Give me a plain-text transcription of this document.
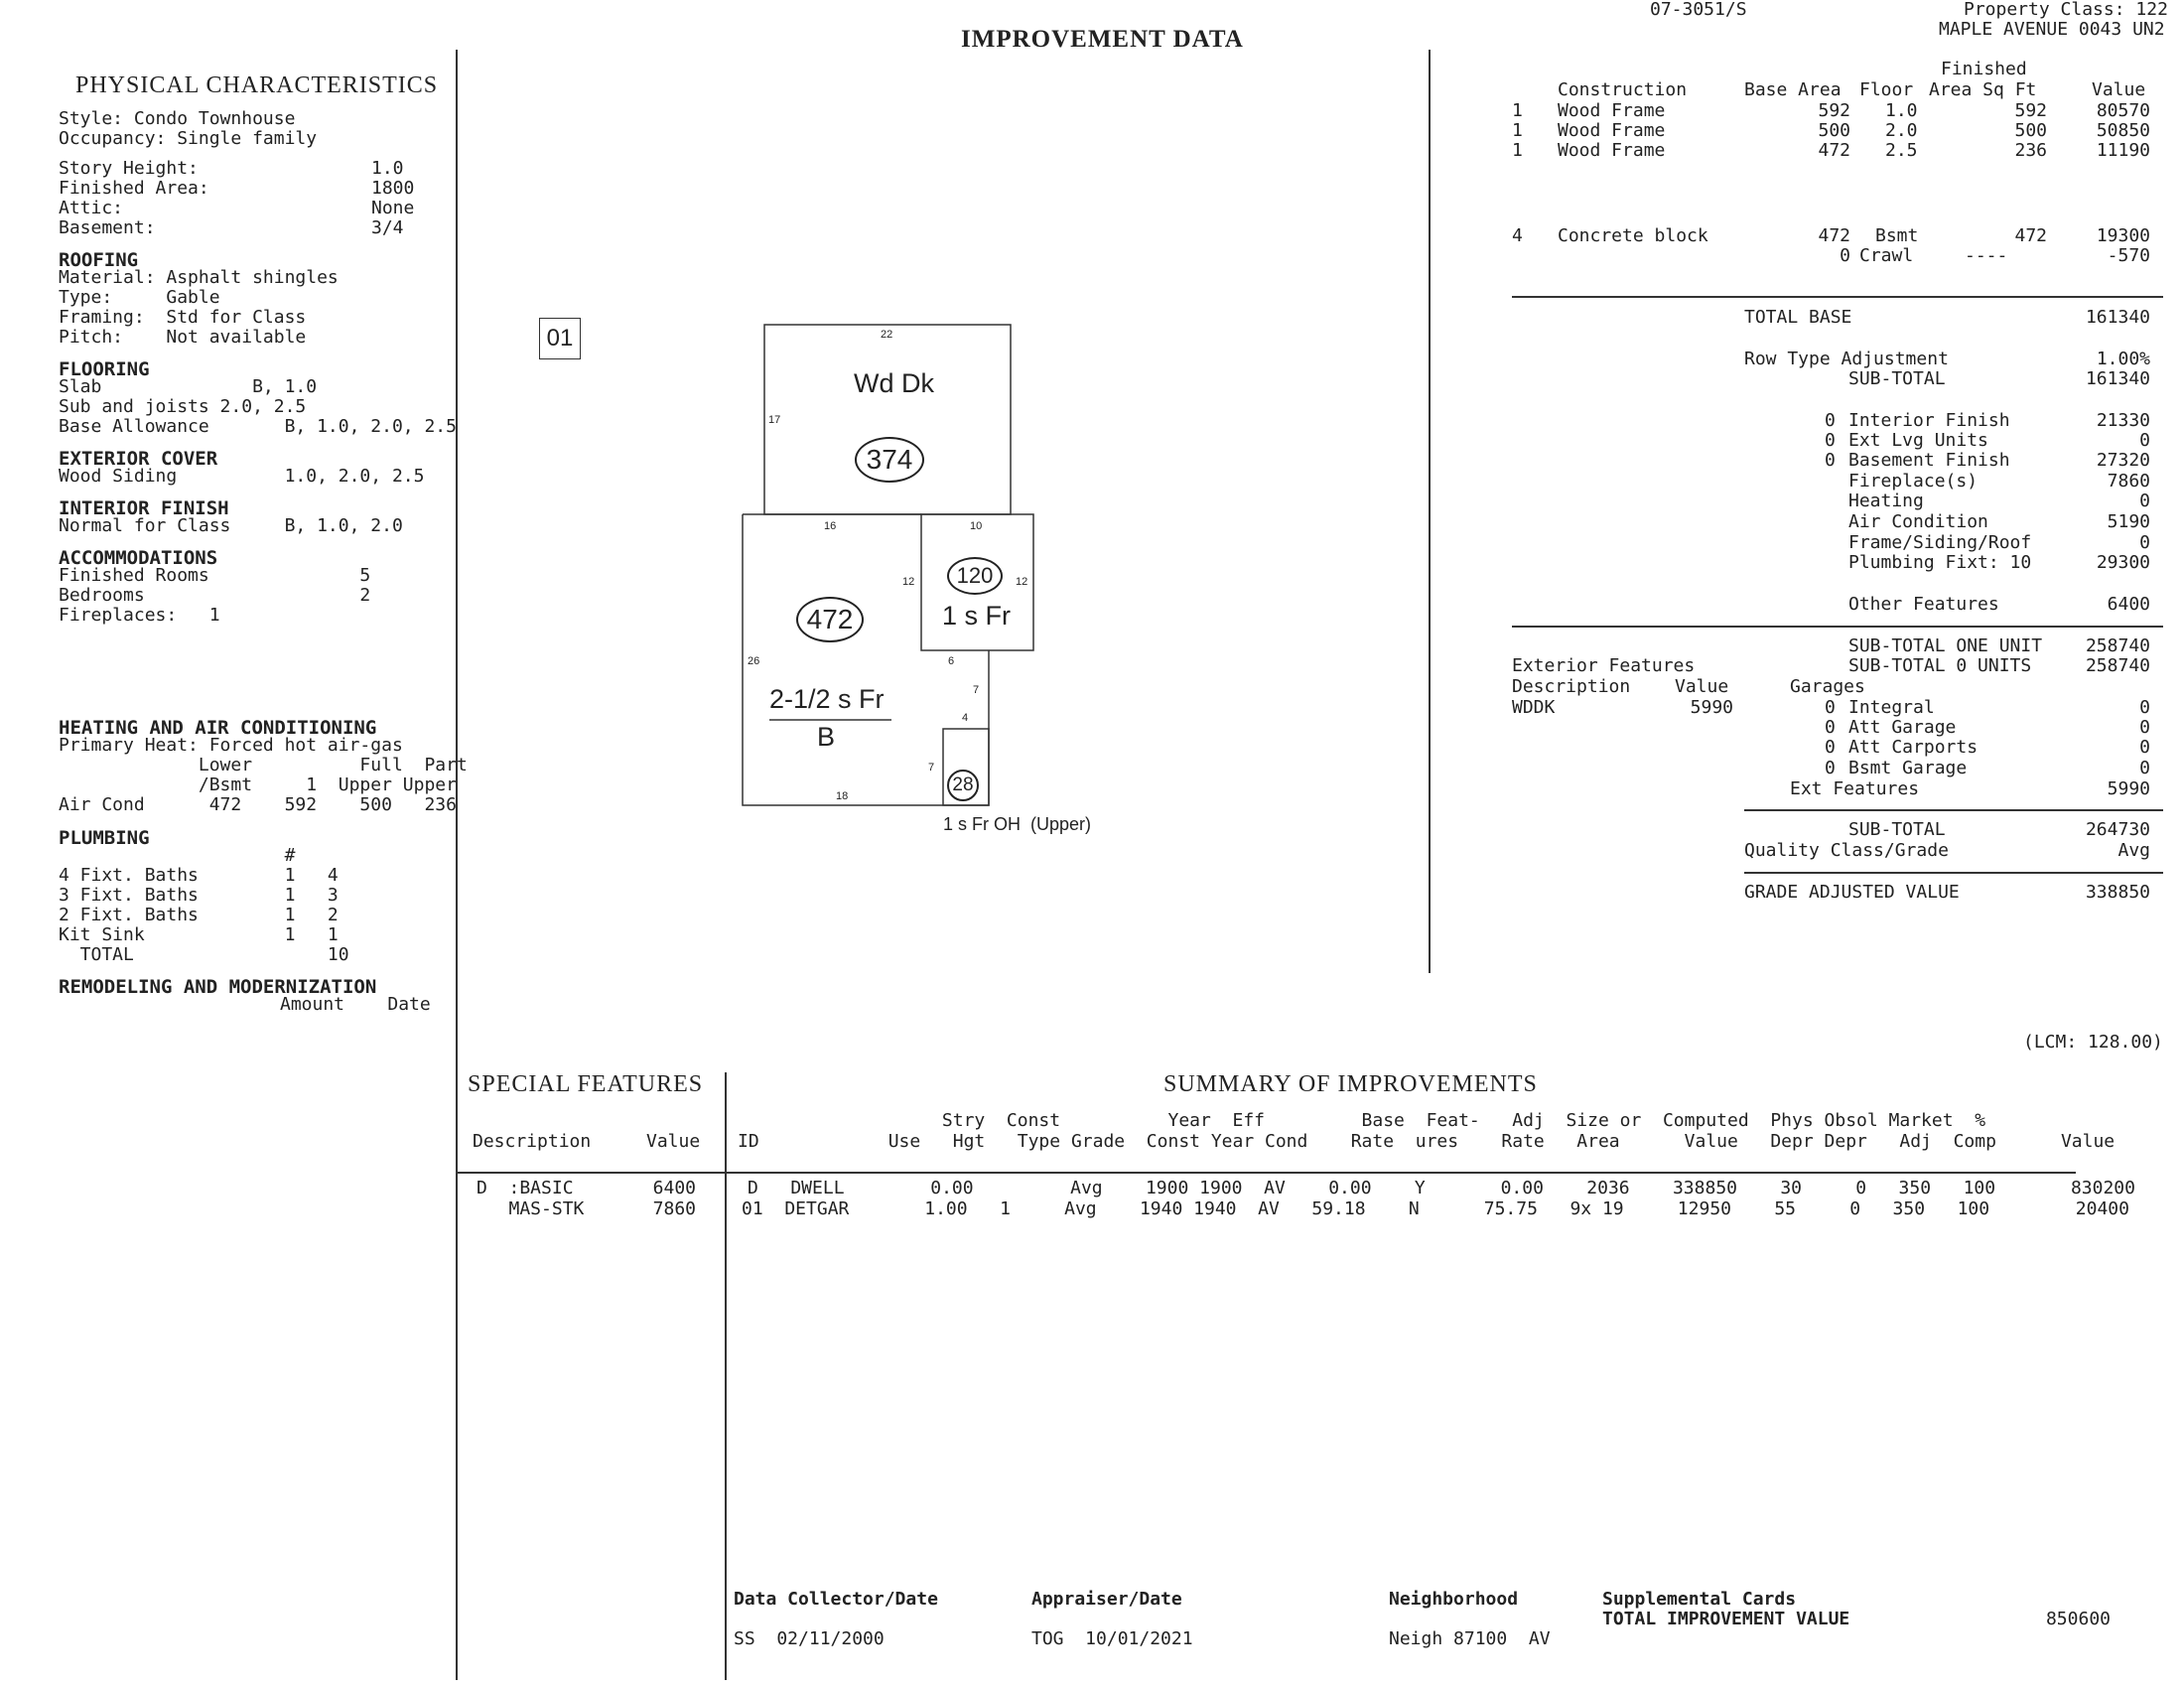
07-3051/S	Property Class: 122
MAPLE AVENUE 0043 UN2
IMPROVEMENT DATA
PHYSICAL CHARACTERISTICS
Style: Condo Townhouse
Occupancy: Single family
Story Height:	1.0
Finished Area:	1800
Attic:	None
Basement:	3/4
ROOFING
Material: Asphalt shingles
Type:     Gable
Framing:  Std for Class
Pitch:    Not available
FLOORING
Slab              B, 1.0
Sub and joists 2.0, 2.5
Base Allowance       B, 1.0, 2.0, 2.5
EXTERIOR COVER
Wood Siding          1.0, 2.0, 2.5
INTERIOR FINISH
Normal for Class     B, 1.0, 2.0
ACCOMMODATIONS
Finished Rooms              5
Bedrooms                    2
Fireplaces:   1
HEATING AND AIR CONDITIONING
Primary Heat: Forced hot air-gas
Lower          Full  Part
/Bsmt     1  Upper Upper
Air Cond      472    592    500   236
PLUMBING
#
4 Fixt. Baths        1   4
3 Fixt. Baths        1   3
2 Fixt. Baths        1   2
Kit Sink             1   1
TOTAL                  10
REMODELING AND MODERNIZATION
Amount    Date
01
Wd Dk
374
22
17
472
2-1/2 s Fr
B
16
26
18
12
6
7
4
7
120
1 s Fr
10
12
28
1 s Fr OH  (Upper)
Finished
Construction	Base Area Floor Area Sq Ft	Value
1 Wood Frame	592 1.0	592	80570
1 Wood Frame	500 2.0	500	50850
1 Wood Frame	472 2.5	236	11190
4 Concrete block	472 Bsmt	472	19300
0 Crawl	----	-570
TOTAL BASE	161340
Row Type Adjustment	1.00%
SUB-TOTAL	161340
0 Interior Finish	21330
0 Ext Lvg Units	0
0 Basement Finish	27320
Fireplace(s)	7860
Heating	0
Air Condition	5190
Frame/Siding/Roof	0
Plumbing Fixt: 10	29300
Other Features	6400
SUB-TOTAL ONE UNIT	258740
Exterior Features	SUB-TOTAL 0 UNITS	258740
Description Value	Garages
WDDK	5990	0 Integral	0
0 Att Garage	0
0 Att Carports	0
0 Bsmt Garage	0
Ext Features	5990
SUB-TOTAL	264730
Quality Class/Grade	Avg
GRADE ADJUSTED VALUE	338850
(LCM: 128.00)
SPECIAL FEATURES
Description	Value
D  :BASIC	6400
MAS-STK	7860
SUMMARY OF IMPROVEMENTS
Stry  Const          Year  Eff         Base  Feat-   Adj  Size or  Computed  Phys Obsol Market  %
ID            Use   Hgt   Type Grade  Const Year Cond    Rate  ures    Rate   Area      Value   Depr Depr   Adj  Comp      Value
D   DWELL        0.00         Avg    1900 1900  AV    0.00    Y       0.00    2036    338850    30     0   350   100       830200
01  DETGAR       1.00   1     Avg    1940 1940  AV   59.18    N      75.75   9x 19     12950    55     0   350   100        20400
Data Collector/Date
SS  02/11/2000
Appraiser/Date
TOG  10/01/2021
Neighborhood
Neigh 87100  AV
Supplemental Cards
TOTAL IMPROVEMENT VALUE	850600
